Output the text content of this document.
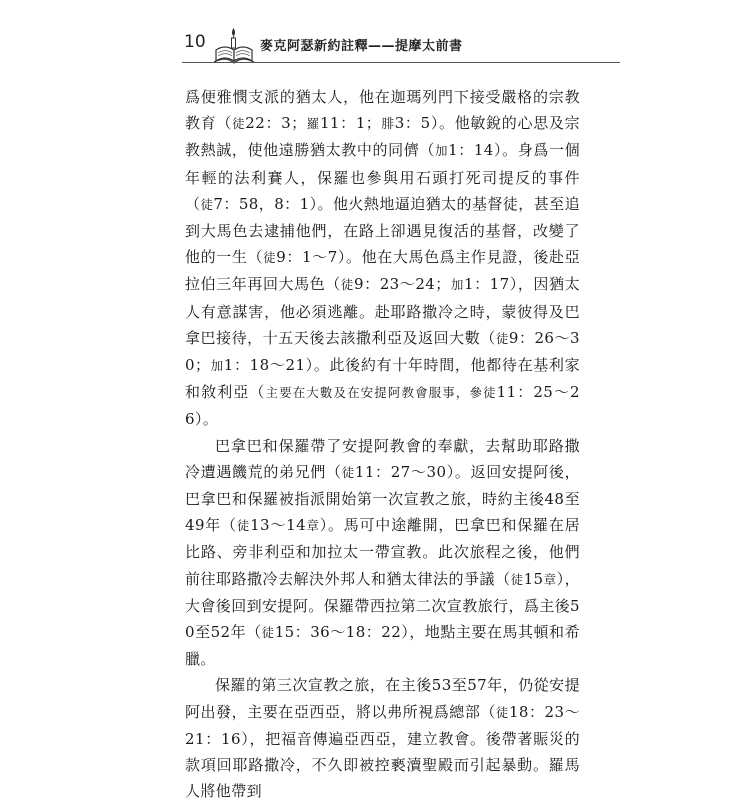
10	麥克阿瑟新約註釋——提摩太前書

爲便雅憫支派的猶太人，他在迦瑪列門下接受嚴格的宗教教育（徒22：3；羅11：1；腓3：5）。他敏銳的心思及宗教熱誠，使他遠勝猶太教中的同儕（加1：14）。身爲一個年輕的法利賽人，保羅也參與用石頭打死司提反的事件（徒7：58，8：1）。他火熱地逼迫猶太的基督徒，甚至追到大馬色去逮捕他們，在路上卻遇見復活的基督，改變了他的一生（徒9：1～7）。他在大馬色爲主作見證，後赴亞拉伯三年再回大馬色（徒9：23～24；加1：17），因猶太人有意謀害，他必須逃離。赴耶路撒冷之時，蒙彼得及巴拿巴接待，十五天後去該撒利亞及返回大數（徒9：26～30；加1：18～21）。此後約有十年時間，他都待在基利家和敘利亞（主要在大數及在安提阿教會服事，參徒11：25～26）。

巴拿巴和保羅帶了安提阿教會的奉獻，去幫助耶路撒冷遭遇饑荒的弟兄們（徒11：27～30）。返回安提阿後，巴拿巴和保羅被指派開始第一次宣教之旅，時約主後48至49年（徒13～14章）。馬可中途離開，巴拿巴和保羅在居比路、旁非利亞和加拉太一帶宣教。此次旅程之後，他們前往耶路撒冷去解決外邦人和猶太律法的爭議（徒15章），大會後回到安提阿。保羅帶西拉第二次宣教旅行，爲主後50至52年（徒15：36～18：22），地點主要在馬其頓和希臘。

保羅的第三次宣教之旅，在主後53至57年，仍從安提阿出發，主要在亞西亞，將以弗所視爲總部（徒18：23～21：16），把福音傳遍亞西亞，建立教會。後帶著賑災的款項回耶路撒冷，不久即被控褻瀆聖殿而引起暴動。羅馬人將他帶到
